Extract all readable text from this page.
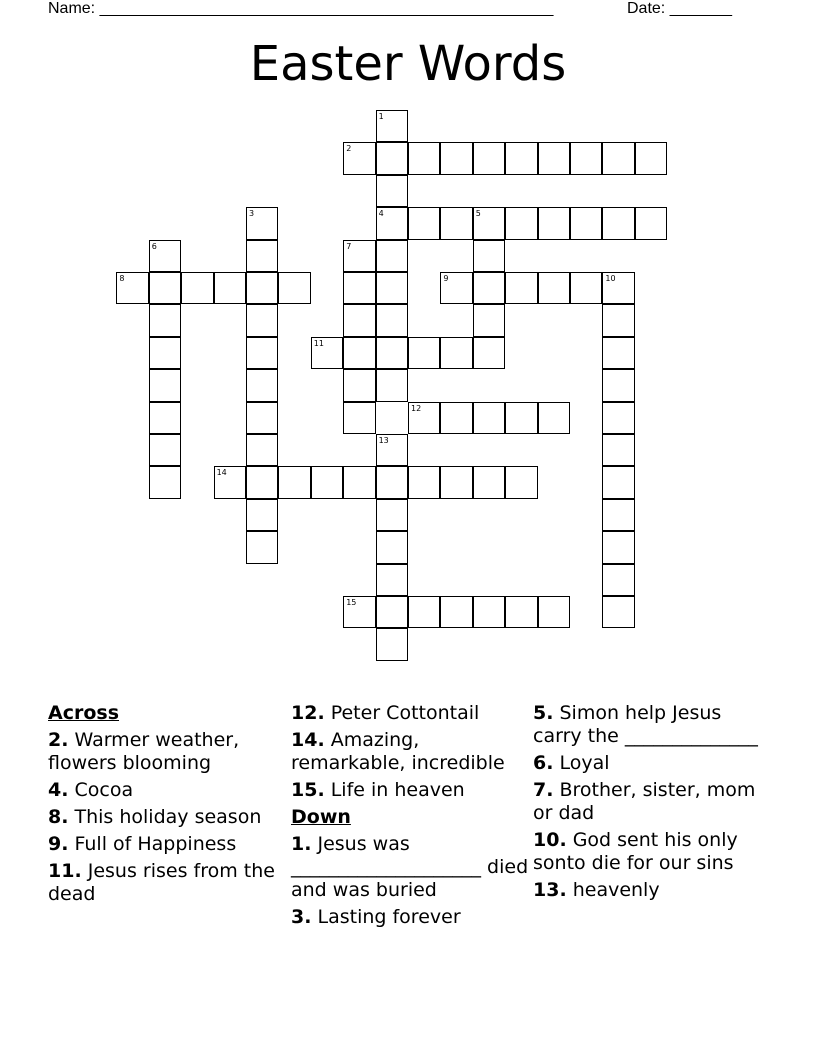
Name: ___________________________________________________	Date: _______
Easter Words
1
4
2
3	5
6	7
8	9	10
11
12
13
14
15
Across
2. Warmer weather, flowers blooming
4. Cocoa
8. This holiday season
9. Full of Happiness
11. Jesus rises from the dead
12. Peter Cottontail
14. Amazing, remarkable, incredible
15. Life in heaven
Down
1. Jesus was ____________________ died and was buried
3. Lasting forever
5. Simon help Jesus carry the ______________
6. Loyal
7. Brother, sister, mom or dad
10. God sent his only sonto die for our sins
13. heavenly
